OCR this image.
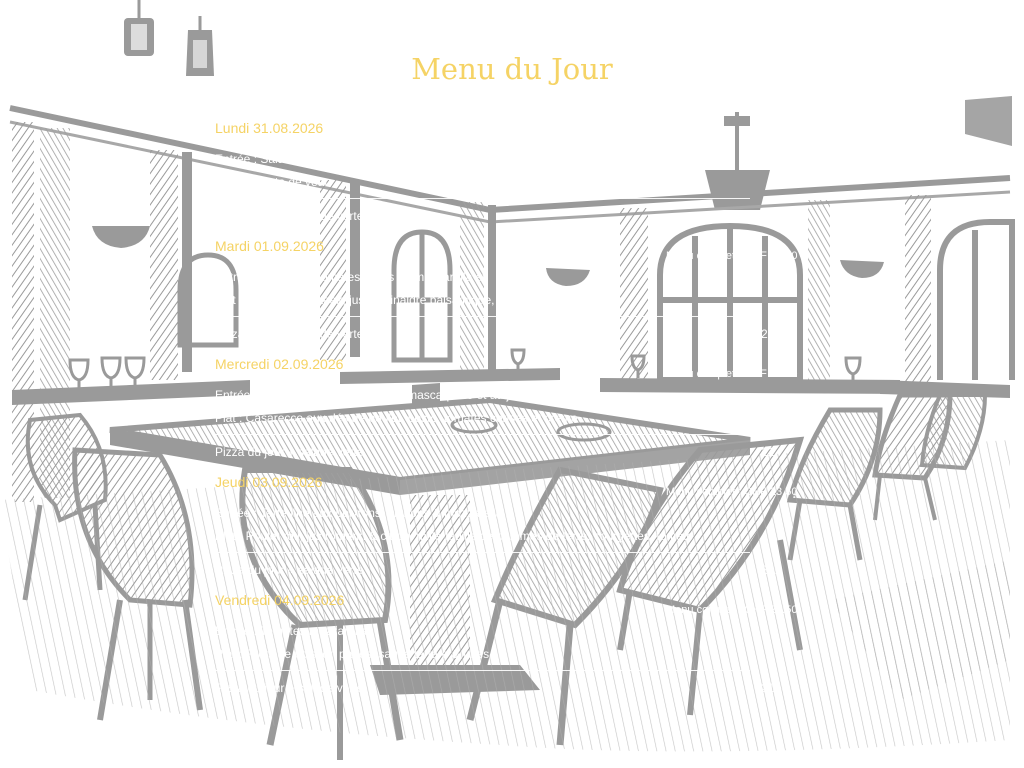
Menu du Jour
Lundi 31.08.2026
Menu complet : CHF 23.50
Entrée : Salade verte
Plat : Piccata de veau
Pizza du jour + salade verte	21.-
Mardi 01.09.2026
Menu complet : CHF 23.50
Entrée : Tartare de tomates, billes de mozzarella et
Plat : Pavé de rumsteak, jus au vinaigre balsamique, haricots verts & patates
Pizza du jour + salade verte	21.-
Mercredi 02.09.2026
Menu complet : CHF 23.50
Entrée : Rouleaux de courgettes au mascarpone et au jambon cru
Plat : Casarecce aux dés de poulet, pesto, tomates cerises et crème
Pizza du jour + salade verte	21.-
Jeudi 03.09.2026
Menu complet : CHF 23.50
Entrée : Tarte fine aux poivrons, oignons & mozzarella
Plat : Poulet rôti, jus romarin & citron, mille-feuille de pommes de terre, courgettes, tomate
Pizza du jour + salade verte	21.-
Vendredi 04.09.2026
Menu complet : CHF 23.50
Entrée : Tomates mozzarella
Plat : Filets de poisson panés, sauce tartare & frites
Pizza du jour + salade verte	21.-
